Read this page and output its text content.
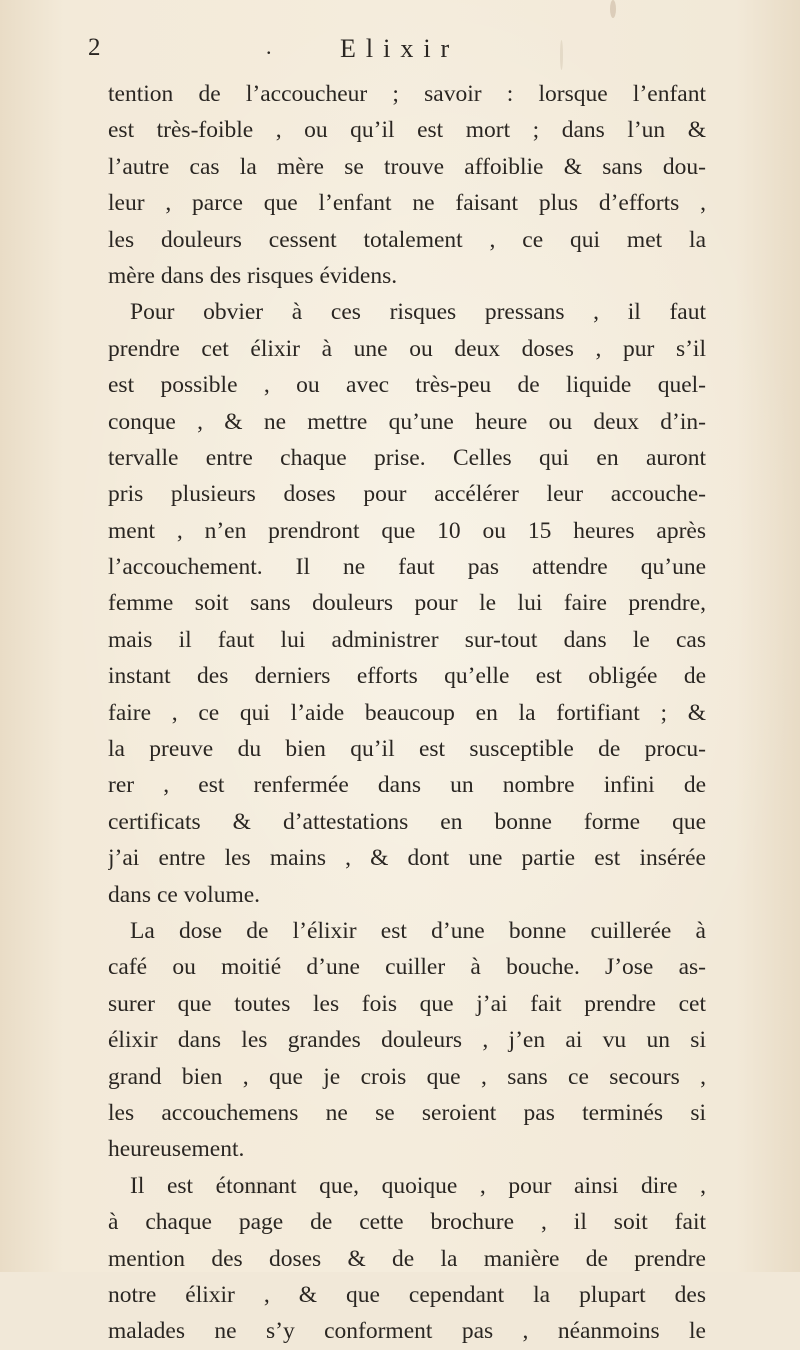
2	.	Elixir
tention de l’accoucheur ; savoir : lorsque l’enfant
est très-foible , ou qu’il est mort ; dans l’un &
l’autre cas la mère se trouve affoiblie & sans dou-
leur , parce que l’enfant ne faisant plus d’efforts ,
les douleurs cessent totalement , ce qui met la
mère dans des risques évidens.
Pour obvier à ces risques pressans , il faut
prendre cet élixir à une ou deux doses , pur s’il
est possible , ou avec très-peu de liquide quel-
conque , & ne mettre qu’une heure ou deux d’in-
tervalle entre chaque prise. Celles qui en auront
pris plusieurs doses pour accélérer leur accouche-
ment , n’en prendront que 10 ou 15 heures après
l’accouchement. Il ne faut pas attendre qu’une
femme soit sans douleurs pour le lui faire prendre,
mais il faut lui administrer sur-tout dans le cas
instant des derniers efforts qu’elle est obligée de
faire , ce qui l’aide beaucoup en la fortifiant ; &
la preuve du bien qu’il est susceptible de procu-
rer , est renfermée dans un nombre infini de
certificats & d’attestations en bonne forme que
j’ai entre les mains , & dont une partie est insérée
dans ce volume.
La dose de l’élixir est d’une bonne cuillerée à
café ou moitié d’une cuiller à bouche. J’ose as-
surer que toutes les fois que j’ai fait prendre cet
élixir dans les grandes douleurs , j’en ai vu un si
grand bien , que je crois que , sans ce secours ,
les accouchemens ne se seroient pas terminés si
heureusement.
Il est étonnant que, quoique , pour ainsi dire ,
à chaque page de cette brochure , il soit fait
mention des doses & de la manière de prendre
notre élixir , & que cependant la plupart des
malades ne s’y conforment pas , néanmoins le
